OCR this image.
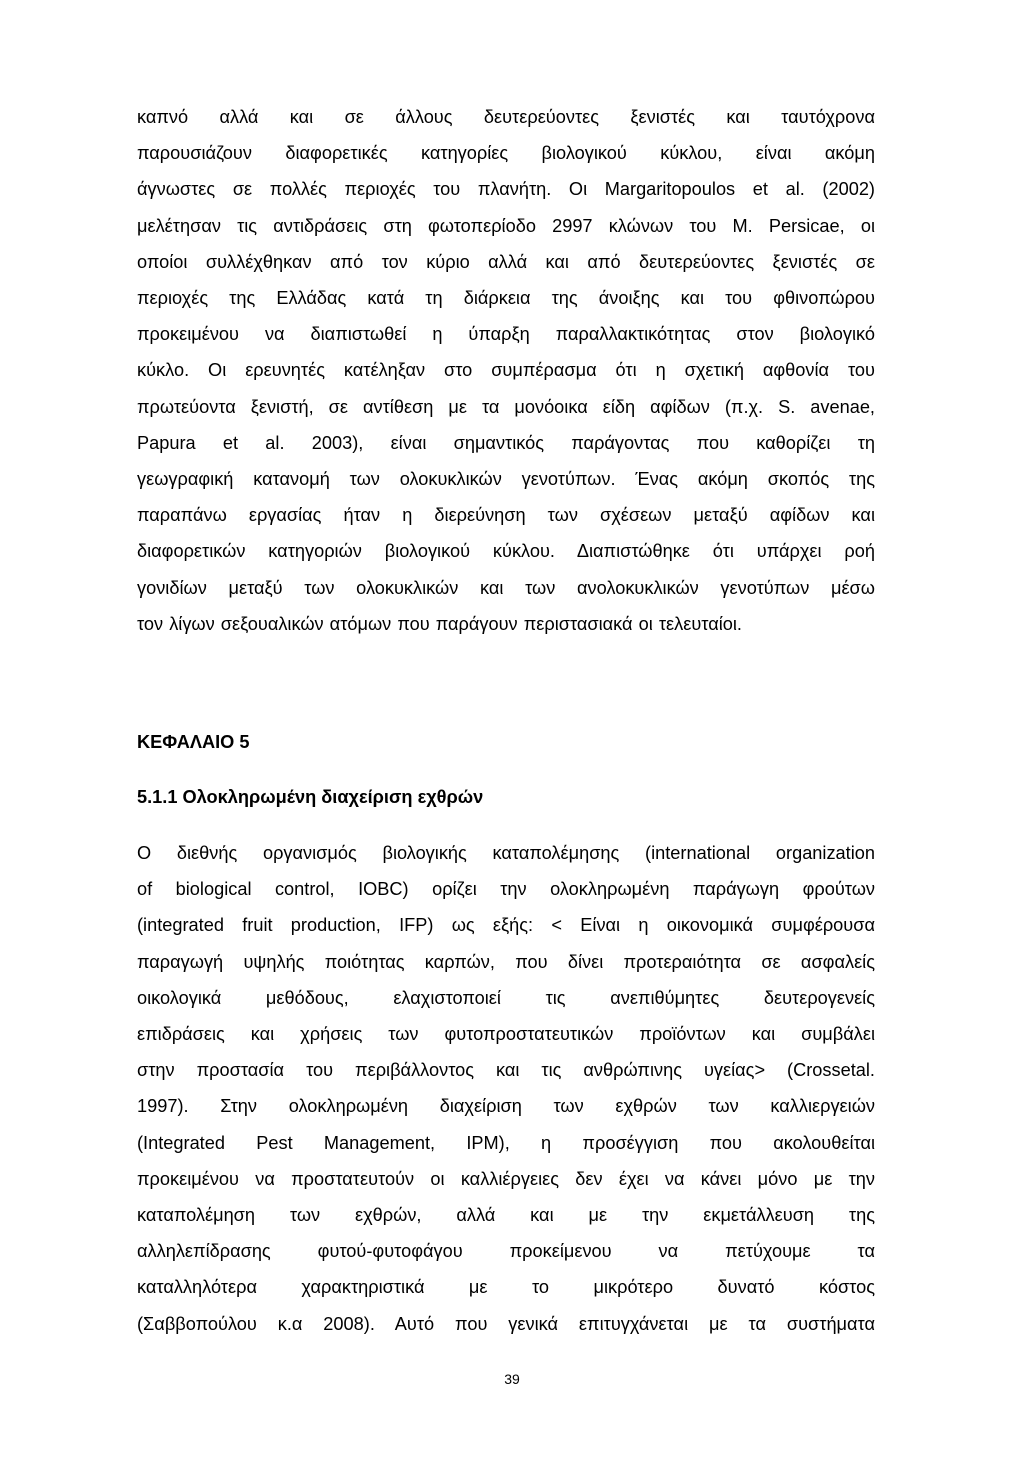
καπνό αλλά και σε άλλους δευτερεύοντες ξενιστές και ταυτόχρονα
παρουσιάζουν διαφορετικές κατηγορίες βιολογικού κύκλου, είναι ακόμη
άγνωστες σε πολλές περιοχές του πλανήτη. Οι Margaritopoulos et al. (2002)
μελέτησαν τις αντιδράσεις στη φωτοπερίοδο 2997 κλώνων του M. Persicae, οι
οποίοι συλλέχθηκαν από τον κύριο αλλά και από δευτερεύοντες ξενιστές σε
περιοχές της Ελλάδας κατά τη διάρκεια της άνοιξης και του φθινοπώρου
προκειμένου να διαπιστωθεί η ύπαρξη παραλλακτικότητας στον βιολογικό
κύκλο. Οι ερευνητές κατέληξαν στο συμπέρασμα ότι η σχετική αφθονία του
πρωτεύοντα ξενιστή, σε αντίθεση με τα μονόοικα είδη αφίδων (π.χ. S. avenae,
Papura et al. 2003), είναι σημαντικός παράγοντας που καθορίζει τη
γεωγραφική κατανομή των ολοκυκλικών γενοτύπων. Ένας ακόμη σκοπός της
παραπάνω εργασίας ήταν η διερεύνηση των σχέσεων μεταξύ αφίδων και
διαφορετικών κατηγοριών βιολογικού κύκλου. Διαπιστώθηκε ότι υπάρχει ροή
γονιδίων μεταξύ των ολοκυκλικών και των ανολοκυκλικών γενοτύπων μέσω
τον λίγων σεξουαλικών ατόμων που παράγουν περιστασιακά οι τελευταίοι.

ΚΕΦΑΛΑΙΟ 5
5.1.1 Ολοκληρωμένη διαχείριση εχθρών

Ο διεθνής οργανισμός βιολογικής καταπολέμησης (international organization
of biological control, IOBC) ορίζει την ολοκληρωμένη παράγωγη φρούτων
(integrated fruit production, IFP) ως εξής: < Είναι η οικονομικά συμφέρουσα
παραγωγή υψηλής ποιότητας καρπών, που δίνει προτεραιότητα σε ασφαλείς
οικολογικά μεθόδους, ελαχιστοποιεί τις ανεπιθύμητες δευτερογενείς
επιδράσεις και χρήσεις των φυτοπροστατευτικών προϊόντων και συμβάλει
στην προστασία του περιβάλλοντος και τις ανθρώπινης υγείας> (Crossetal.
1997). Στην ολοκληρωμένη διαχείριση των εχθρών των καλλιεργειών
(Integrated Pest Management, IPM), η προσέγγιση που ακολουθείται
προκειμένου να προστατευτούν οι καλλιέργειες δεν έχει να κάνει μόνο με την
καταπολέμηση των εχθρών, αλλά και με την εκμετάλλευση της
αλληλεπίδρασης φυτού-φυτοφάγου προκείμενου να πετύχουμε τα
καταλληλότερα χαρακτηριστικά με το μικρότερο δυνατό κόστος
(Σαββοπούλου κ.α 2008). Αυτό που γενικά επιτυγχάνεται με τα συστήματα

39
